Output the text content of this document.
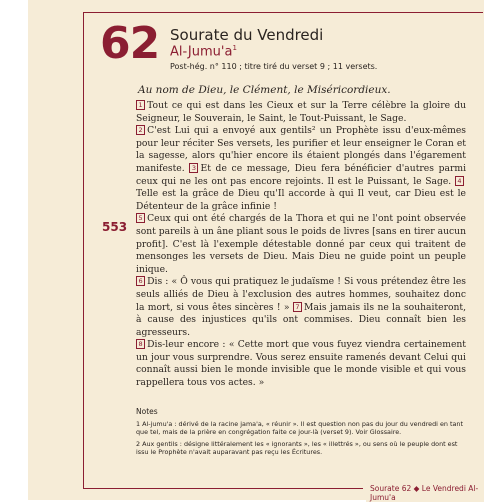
62 Sourate du Vendredi
$Al-Jumu'a^1$
Post-hég. n° 110 ; titre tiré du verset 9 ; 11 versets.
553
Au nom de Dieu, le Clément, le Miséricordieux.

1 Tout ce qui est dans les Cieux et sur la Terre célèbre la gloire du Seigneur, le Souverain, le Saint, le Tout-Puissant, le Sage.

2 C'est Lui qui a envoyé aux gentils² un Prophète issu d'eux-mêmes pour leur réciter Ses versets, les purifier et leur enseigner le Coran et la sagesse, alors qu'hier encore ils étaient plongés dans l'égarement manifeste. 3 Et de ce message, Dieu fera bénéficier d'autres parmi ceux qui ne les ont pas encore rejoints. Il est le Puissant, le Sage. 4Telle est la grâce de Dieu qu'Il accorde à qui Il veut, car Dieu est le Détenteur de la grâce infinie !

5 Ceux qui ont été chargés de la Thora et qui ne l'ont point observée sont pareils à un âne pliant sous le poids de livres [sans en tirer aucun profit]. C'est là l'exemple détestable donné par ceux qui traitent de mensonges les versets de Dieu. Mais Dieu ne guide point un peuple inique.

6 Dis : « Ô vous qui pratiquez le judaïsme ! Si vous prétendez être les seuls alliés de Dieu à l'exclusion des autres hommes, souhaitez donc la mort, si vous êtes sincères ! » 7 Mais jamais ils ne la souhaiteront, à cause des injustices qu'ils ont commises. Dieu connaît bien les agresseurs.

8 Dis-leur encore : « Cette mort que vous fuyez viendra certainement un jour vous surprendre. Vous serez ensuite ramenés devant Celui qui connaît aussi bien le monde invisible que le monde visible et qui vous rappellera tous vos actes. »

Notes

1 Al-jumu'a : dérivé de la racine jama'a, « réunir ». Il est question non pas du jour du vendredi en tant que tel, mais de la prière en congrégation faite ce jour-là (verset 9). Voir Glossaire.

2 Aux gentils : désigne littéralement les « ignorants », les « illettrés », ou sens où le peuple dont est issu le Prophète n'avait auparavant pas reçu les Écritures.

Sourate 62 ◆ Le Vendredi Al-Jumu'a
